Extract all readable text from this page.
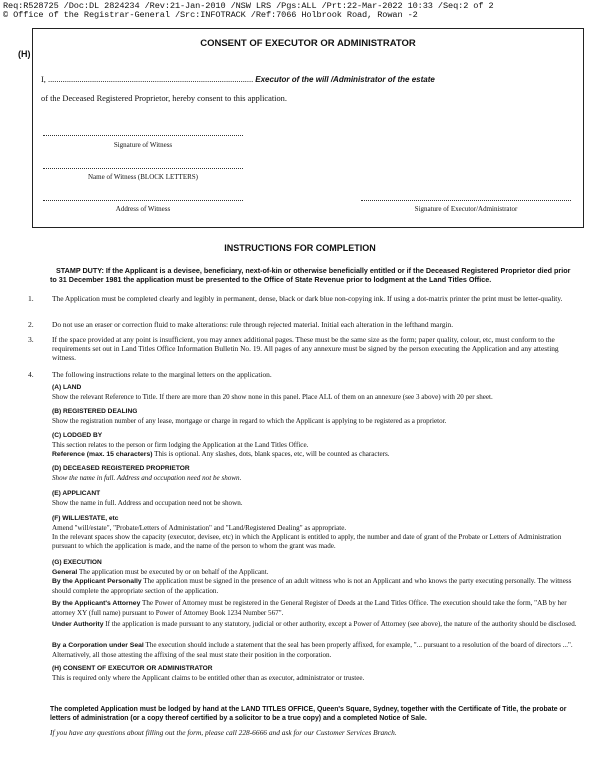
Req:R528725 /Doc:DL 2824234 /Rev:21-Jan-2010 /NSW LRS /Pgs:ALL /Prt:22-Mar-2022 10:33 /Seq:2 of 2
© Office of the Registrar-General /Src:INFOTRACK /Ref:7066 Holbrook Road, Rowan -2
(H)
CONSENT OF EXECUTOR OR ADMINISTRATOR
I, .................................................................................................. Executor of the will /Administrator of the estate
of the Deceased Registered Proprietor, hereby consent to this application.
Signature of Witness
Name of Witness (BLOCK LETTERS)
Address of Witness	Signature of Executor/Administrator
INSTRUCTIONS FOR COMPLETION
STAMP DUTY: If the Applicant is a devisee, beneficiary, next-of-kin or otherwise beneficially entitled or if the Deceased Registered Proprietor died prior to 31 December 1981 the application must be presented to the Office of State Revenue prior to lodgment at the Land Titles Office.
1. The Application must be completed clearly and legibly in permanent, dense, black or dark blue non-copying ink. If using a dot-matrix printer the print must be letter-quality.
2. Do not use an eraser or correction fluid to make alterations: rule through rejected material. Initial each alteration in the lefthand margin.
3. If the space provided at any point is insufficient, you may annex additional pages. These must be the same size as the form; paper quality, colour, etc, must conform to the requirements set out in Land Titles Office Information Bulletin No. 19. All pages of any annexure must be signed by the person executing the Application and any attesting witness.
4. The following instructions relate to the marginal letters on the application.
(A) LAND
Show the relevant Reference to Title. If there are more than 20 show none in this panel. Place ALL of them on an annexure (see 3 above) with 20 per sheet.
(B) REGISTERED DEALING
Show the registration number of any lease, mortgage or charge in regard to which the Applicant is applying to be registered as a proprietor.
(C) LODGED BY
This section relates to the person or firm lodging the Application at the Land Titles Office.
Reference (max. 15 characters) This is optional. Any slashes, dots, blank spaces, etc, will be counted as characters.
(D) DECEASED REGISTERED PROPRIETOR
Show the name in full. Address and occupation need not be shown.
(E) APPLICANT
Show the name in full. Address and occupation need not be shown.
(F) WILL/ESTATE, etc
Amend "will/estate", "Probate/Letters of Administation" and "Land/Registered Dealing" as appropriate.
In the relevant spaces show the capacity (executor, devisee, etc) in which the Applicant is entitled to apply, the number and date of grant of the Probate or Letters of Administration pursuant to which the application is made, and the name of the person to whom the grant was made.
(G) EXECUTION
General The application must be executed by or on behalf of the Applicant.
By the Applicant Personally The application must be signed in the presence of an adult witness who is not an Applicant and who knows the party executing personally. The witness should complete the appropriate section of the application.
By the Applicant's Attorney The Power of Attorney must be registered in the General Register of Deeds at the Land Titles Office. The execution should take the form, "AB by her attorney XY (full name) pursuant to Power of Attorney Book 1234 Number 567".
Under Authority If the application is made pursuant to any statutory, judicial or other authority, except a Power of Attorney (see above), the nature of the authority should be disclosed.
By a Corporation under Seal The execution should include a statement that the seal has been properly affixed, for example, "... pursuant to a resolution of the board of directors ...". Alternatively, all those attesting the affixing of the seal must state their position in the corporation.
(H) CONSENT OF EXECUTOR OR ADMINISTRATOR
This is required only where the Applicant claims to be entitled other than as executor, administrator or trustee.
The completed Application must be lodged by hand at the LAND TITLES OFFICE, Queen's Square, Sydney, together with the Certificate of Title, the probate or letters of administration (or a copy thereof certified by a solicitor to be a true copy) and a completed Notice of Sale.
If you have any questions about filling out the form, please call 228-6666 and ask for our Customer Services Branch.
